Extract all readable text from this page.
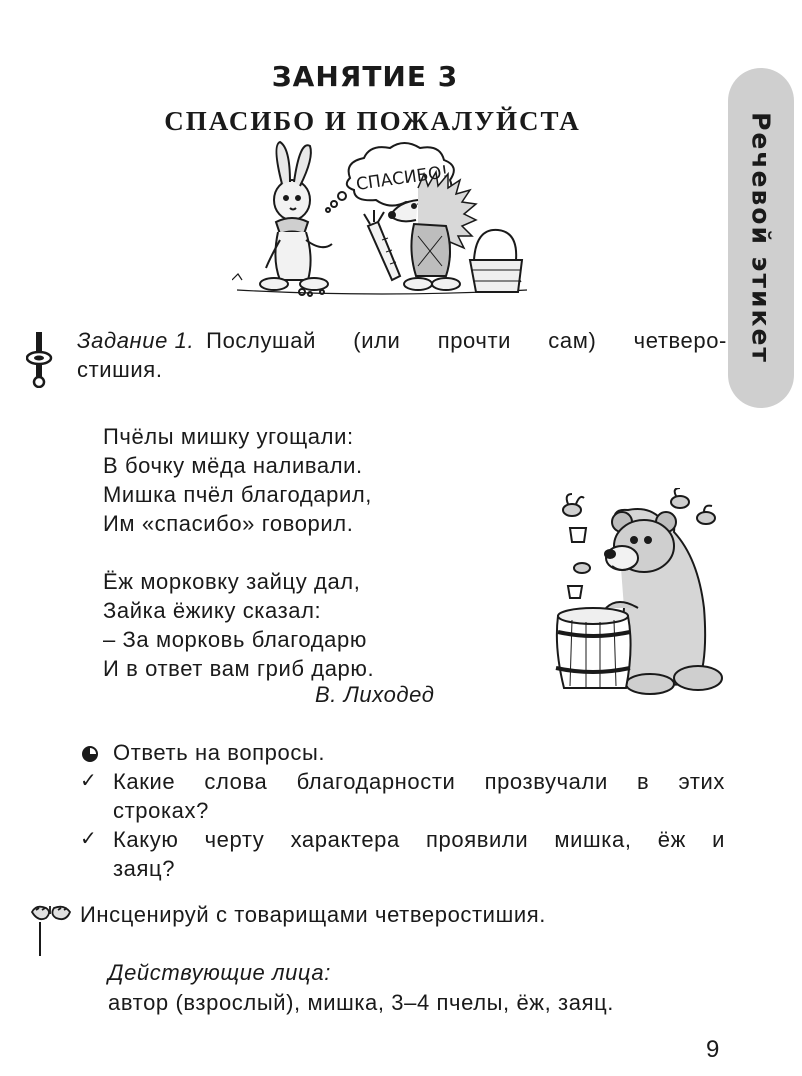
Речевой этикет
ЗАНЯТИЕ 3
СПАСИБО И ПОЖАЛУЙСТА
СПАСИБО!
Задание 1. Послушай (или прочти сам) четверо-
стишия.
Пчёлы мишку угощали:
В бочку мёда наливали.
Мишка пчёл благодарил,
Им «спасибо» говорил.
Ёж морковку зайцу дал,
Зайка ёжику сказал:
– За морковь благодарю
И в ответ вам гриб дарю.
В. Лиходед
Ответь на вопросы.
✓ Какие слова благодарности прозвучали в этих
строках?
✓ Какую черту характера проявили мишка, ёж и
заяц?
Инсценируй с товарищами четверостишия.
Действующие лица:
автор (взрослый), мишка, 3–4 пчелы, ёж, заяц.
9
